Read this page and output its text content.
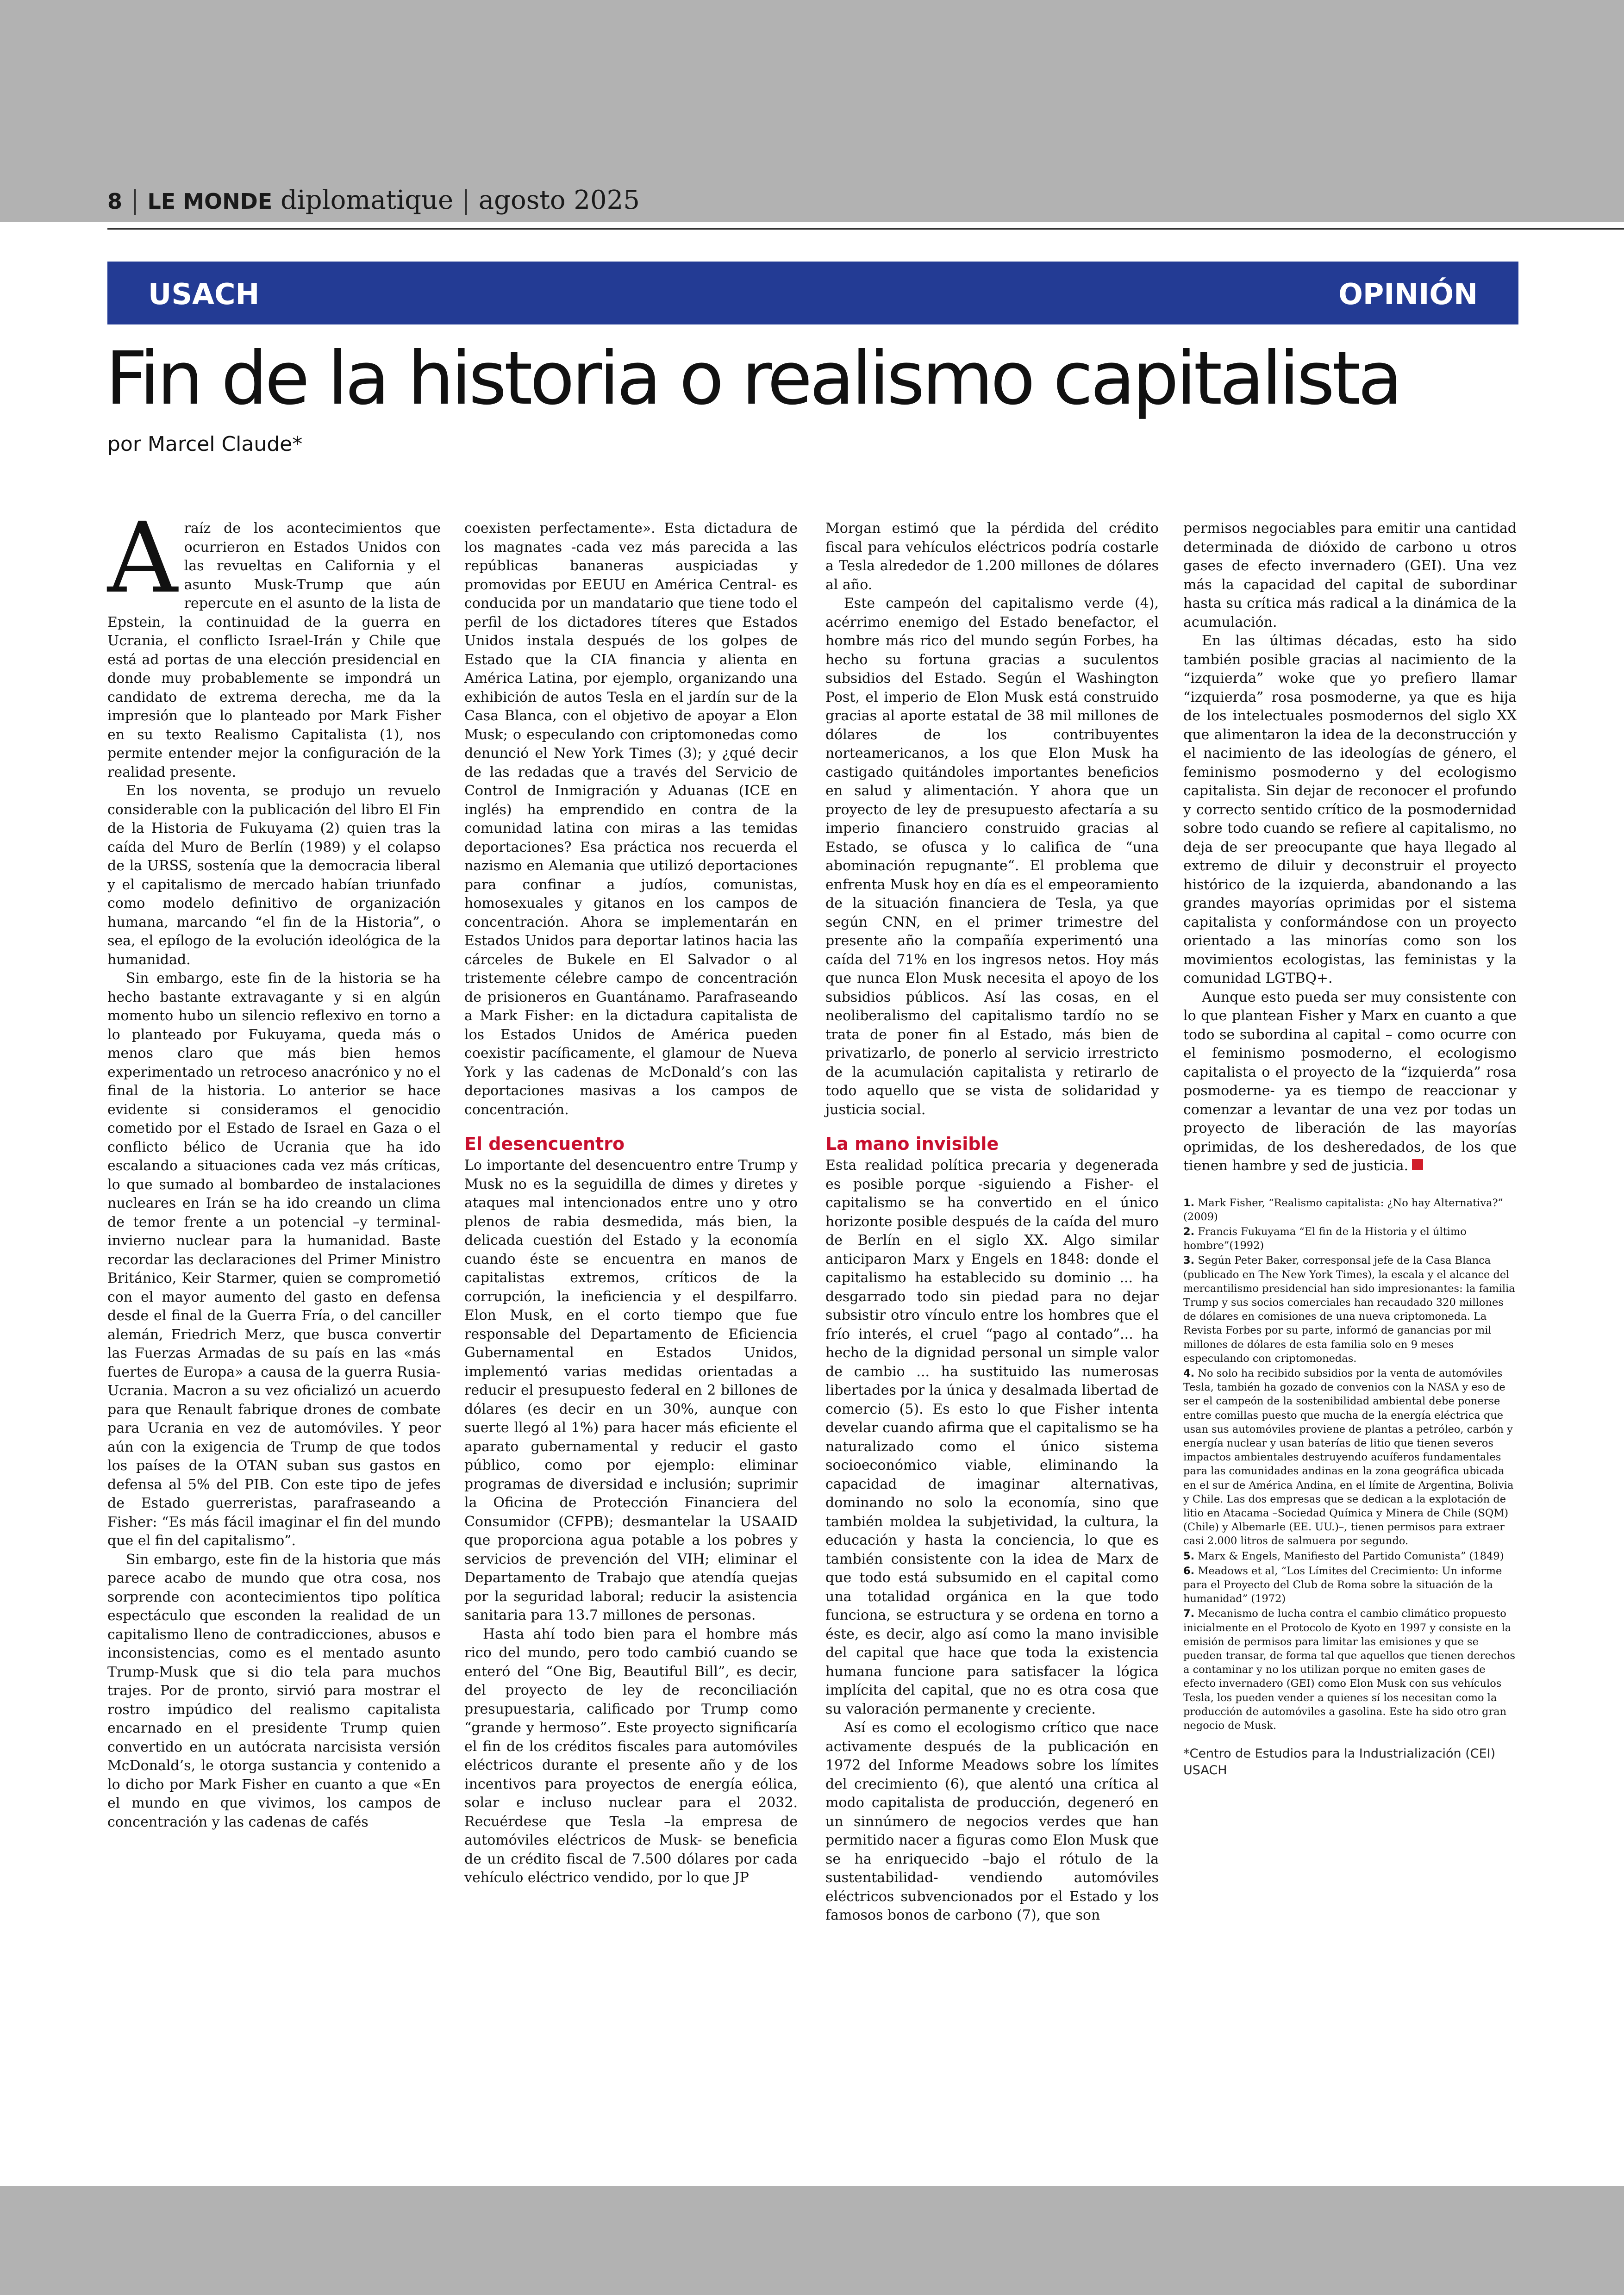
8 | LE MONDE diplomatique | agosto 2025
USACH	OPINIÓN
Fin de la historia o realismo capitalista
por Marcel Claude*
A raíz de los acontecimientos que ocurrieron en Estados Unidos con las revueltas en California y el asunto Musk-Trump que aún repercute en el asunto de la lista de Epstein, la continuidad de la guerra en Ucrania, el conflicto Israel-Irán y Chile que está ad portas de una elección presidencial en donde muy probablemente se impondrá un candidato de extrema derecha, me da la impresión que lo planteado por Mark Fisher en su texto Realismo Capitalista (1), nos permite entender mejor la configuración de la realidad presente.

En los noventa, se produjo un revuelo considerable con la publicación del libro El Fin de la Historia de Fukuyama (2) quien tras la caída del Muro de Berlín (1989) y el colapso de la URSS, sostenía que la democracia liberal y el capitalismo de mercado habían triunfado como modelo definitivo de organización humana, marcando “el fin de la Historia”, o sea, el epílogo de la evolución ideológica de la humanidad.

Sin embargo, este fin de la historia se ha hecho bastante extravagante y si en algún momento hubo un silencio reflexivo en torno a lo planteado por Fukuyama, queda más o menos claro que más bien hemos experimentado un retroceso anacrónico y no el final de la historia. Lo anterior se hace evidente si consideramos el genocidio cometido por el Estado de Israel en Gaza o el conflicto bélico de Ucrania que ha ido escalando a situaciones cada vez más críticas, lo que sumado al bombardeo de instalaciones nucleares en Irán se ha ido creando un clima de temor frente a un potencial –y terminal- invierno nuclear para la humanidad. Baste recordar las declaraciones del Primer Ministro Británico, Keir Starmer, quien se comprometió con el mayor aumento del gasto en defensa desde el final de la Guerra Fría, o del canciller alemán, Friedrich Merz, que busca convertir las Fuerzas Armadas de su país en las «más fuertes de Europa» a causa de la guerra Rusia-Ucrania. Macron a su vez oficializó un acuerdo para que Renault fabrique drones de combate para Ucrania en vez de automóviles. Y peor aún con la exigencia de Trump de que todos los países de la OTAN suban sus gastos en defensa al 5% del PIB. Con este tipo de jefes de Estado guerreristas, parafraseando a Fisher: “Es más fácil imaginar el fin del mundo que el fin del capitalismo”.

Sin embargo, este fin de la historia que más parece acabo de mundo que otra cosa, nos sorprende con acontecimientos tipo política espectáculo que esconden la realidad de un capitalismo lleno de contradicciones, abusos e inconsistencias, como es el mentado asunto Trump-Musk que si dio tela para muchos trajes. Por de pronto, sirvió para mostrar el rostro impúdico del realismo capitalista encarnado en el presidente Trump quien convertido en un autócrata narcisista versión McDonald’s, le otorga sustancia y contenido a lo dicho por Mark Fisher en cuanto a que «En el mundo en que vivimos, los campos de concentración y las cadenas de cafés

coexisten perfectamente». Esta dictadura de los magnates -cada vez más parecida a las repúblicas bananeras auspiciadas y promovidas por EEUU en América Central- es conducida por un mandatario que tiene todo el perfil de los dictadores títeres que Estados Unidos instala después de los golpes de Estado que la CIA financia y alienta en América Latina, por ejemplo, organizando una exhibición de autos Tesla en el jardín sur de la Casa Blanca, con el objetivo de apoyar a Elon Musk; o especulando con criptomonedas como denunció el New York Times (3); y ¿qué decir de las redadas que a través del Servicio de Control de Inmigración y Aduanas (ICE en inglés) ha emprendido en contra de la comunidad latina con miras a las temidas deportaciones? Esa práctica nos recuerda el nazismo en Alemania que utilizó deportaciones para confinar a judíos, comunistas, homosexuales y gitanos en los campos de concentración. Ahora se implementarán en Estados Unidos para deportar latinos hacia las cárceles de Bukele en El Salvador o al tristemente célebre campo de concentración de prisioneros en Guantánamo. Parafraseando a Mark Fisher: en la dictadura capitalista de los Estados Unidos de América pueden coexistir pacíficamente, el glamour de Nueva York y las cadenas de McDonald’s con las deportaciones masivas a los campos de concentración.

El desencuentro

Lo importante del desencuentro entre Trump y Musk no es la seguidilla de dimes y diretes y ataques mal intencionados entre uno y otro plenos de rabia desmedida, más bien, la delicada cuestión del Estado y la economía cuando éste se encuentra en manos de capitalistas extremos, críticos de la corrupción, la ineficiencia y el despilfarro. Elon Musk, en el corto tiempo que fue responsable del Departamento de Eficiencia Gubernamental en Estados Unidos, implementó varias medidas orientadas a reducir el presupuesto federal en 2 billones de dólares (es decir en un 30%, aunque con suerte llegó al 1%) para hacer más eficiente el aparato gubernamental y reducir el gasto público, como por ejemplo: eliminar programas de diversidad e inclusión; suprimir la Oficina de Protección Financiera del Consumidor (CFPB); desmantelar la USAAID que proporciona agua potable a los pobres y servicios de prevención del VIH; eliminar el Departamento de Trabajo que atendía quejas por la seguridad laboral; reducir la asistencia sanitaria para 13.7 millones de personas.

Hasta ahí todo bien para el hombre más rico del mundo, pero todo cambió cuando se enteró del “One Big, Beautiful Bill”, es decir, del proyecto de ley de reconciliación presupuestaria, calificado por Trump como “grande y hermoso”. Este proyecto significaría el fin de los créditos fiscales para automóviles eléctricos durante el presente año y de los incentivos para proyectos de energía eólica, solar e incluso nuclear para el 2032. Recuérdese que Tesla –la empresa de automóviles eléctricos de Musk- se beneficia de un crédito fiscal de 7.500 dólares por cada vehículo eléctrico vendido, por lo que JP

Morgan estimó que la pérdida del crédito fiscal para vehículos eléctricos podría costarle a Tesla alrededor de 1.200 millones de dólares al año.

Este campeón del capitalismo verde (4), acérrimo enemigo del Estado benefactor, el hombre más rico del mundo según Forbes, ha hecho su fortuna gracias a suculentos subsidios del Estado. Según el Washington Post, el imperio de Elon Musk está construido gracias al aporte estatal de 38 mil millones de dólares de los contribuyentes norteamericanos, a los que Elon Musk ha castigado quitándoles importantes beneficios en salud y alimentación. Y ahora que un proyecto de ley de presupuesto afectaría a su imperio financiero construido gracias al Estado, se ofusca y lo califica de “una abominación repugnante“. El problema que enfrenta Musk hoy en día es el empeoramiento de la situación financiera de Tesla, ya que según CNN, en el primer trimestre del presente año la compañía experimentó una caída del 71% en los ingresos netos. Hoy más que nunca Elon Musk necesita el apoyo de los subsidios públicos. Así las cosas, en el neoliberalismo del capitalismo tardío no se trata de poner fin al Estado, más bien de privatizarlo, de ponerlo al servicio irrestricto de la acumulación capitalista y retirarlo de todo aquello que se vista de solidaridad y justicia social.

La mano invisible

Esta realidad política precaria y degenerada es posible porque -siguiendo a Fisher- el capitalismo se ha convertido en el único horizonte posible después de la caída del muro de Berlín en el siglo XX. Algo similar anticiparon Marx y Engels en 1848: donde el capitalismo ha establecido su dominio ... ha desgarrado todo sin piedad para no dejar subsistir otro vínculo entre los hombres que el frío interés, el cruel “pago al contado”... ha hecho de la dignidad personal un simple valor de cambio ... ha sustituido las numerosas libertades por la única y desalmada libertad de comercio (5). Es esto lo que Fisher intenta develar cuando afirma que el capitalismo se ha naturalizado como el único sistema socioeconómico viable, eliminando la capacidad de imaginar alternativas, dominando no solo la economía, sino que también moldea la subjetividad, la cultura, la educación y hasta la conciencia, lo que es también consistente con la idea de Marx de que todo está subsumido en el capital como una totalidad orgánica en la que todo funciona, se estructura y se ordena en torno a éste, es decir, algo así como la mano invisible del capital que hace que toda la existencia humana funcione para satisfacer la lógica implícita del capital, que no es otra cosa que su valoración permanente y creciente.

Así es como el ecologismo crítico que nace activamente después de la publicación en 1972 del Informe Meadows sobre los límites del crecimiento (6), que alentó una crítica al modo capitalista de producción, degeneró en un sinnúmero de negocios verdes que han permitido nacer a figuras como Elon Musk que se ha enriquecido –bajo el rótulo de la sustentabilidad- vendiendo automóviles eléctricos subvencionados por el Estado y los famosos bonos de carbono (7), que son

permisos negociables para emitir una cantidad determinada de dióxido de carbono u otros gases de efecto invernadero (GEI). Una vez más la capacidad del capital de subordinar hasta su crítica más radical a la dinámica de la acumulación.

En las últimas décadas, esto ha sido también posible gracias al nacimiento de la “izquierda” woke que yo prefiero llamar “izquierda” rosa posmoderne, ya que es hija de los intelectuales posmodernos del siglo XX que alimentaron la idea de la deconstrucción y el nacimiento de las ideologías de género, el feminismo posmoderno y del ecologismo capitalista. Sin dejar de reconocer el profundo y correcto sentido crítico de la posmodernidad sobre todo cuando se refiere al capitalismo, no deja de ser preocupante que haya llegado al extremo de diluir y deconstruir el proyecto histórico de la izquierda, abandonando a las grandes mayorías oprimidas por el sistema capitalista y conformándose con un proyecto orientado a las minorías como son los movimientos ecologistas, las feministas y la comunidad LGTBQ+.

Aunque esto pueda ser muy consistente con lo que plantean Fisher y Marx en cuanto a que todo se subordina al capital – como ocurre con el feminismo posmoderno, el ecologismo capitalista o el proyecto de la “izquierda” rosa posmoderne- ya es tiempo de reaccionar y comenzar a levantar de una vez por todas un proyecto de liberación de las mayorías oprimidas, de los desheredados, de los que tienen hambre y sed de justicia.

1. Mark Fisher, “Realismo capitalista: ¿No hay Alternativa?” (2009)

2. Francis Fukuyama “El fin de la Historia y el último hombre”(1992)

3. Según Peter Baker, corresponsal jefe de la Casa Blanca (publicado en The New York Times), la escala y el alcance del mercantilismo presidencial han sido impresionantes: la familia Trump y sus socios comerciales han recaudado 320 millones de dólares en comisiones de una nueva criptomoneda. La Revista Forbes por su parte, informó de ganancias por mil millones de dólares de esta familia solo en 9 meses especulando con criptomonedas.

4. No solo ha recibido subsidios por la venta de automóviles Tesla, también ha gozado de convenios con la NASA y eso de ser el campeón de la sostenibilidad ambiental debe ponerse entre comillas puesto que mucha de la energía eléctrica que usan sus automóviles proviene de plantas a petróleo, carbón y energía nuclear y usan baterías de litio que tienen severos impactos ambientales destruyendo acuíferos fundamentales para las comunidades andinas en la zona geográfica ubicada en el sur de América Andina, en el límite de Argentina, Bolivia y Chile. Las dos empresas que se dedican a la explotación de litio en Atacama –Sociedad Química y Minera de Chile (SQM) (Chile) y Albemarle (EE. UU.)–, tienen permisos para extraer casi 2.000 litros de salmuera por segundo.

5. Marx & Engels, Manifiesto del Partido Comunista” (1849)

6. Meadows et al, “Los Límites del Crecimiento: Un informe para el Proyecto del Club de Roma sobre la situación de la humanidad” (1972)

7. Mecanismo de lucha contra el cambio climático propuesto inicialmente en el Protocolo de Kyoto en 1997 y consiste en la emisión de permisos para limitar las emisiones y que se pueden transar, de forma tal que aquellos que tienen derechos a contaminar y no los utilizan porque no emiten gases de efecto invernadero (GEI) como Elon Musk con sus vehículos Tesla, los pueden vender a quienes sí los necesitan como la producción de automóviles a gasolina. Este ha sido otro gran negocio de Musk.

*Centro de Estudios para la Industrialización (CEI) USACH
